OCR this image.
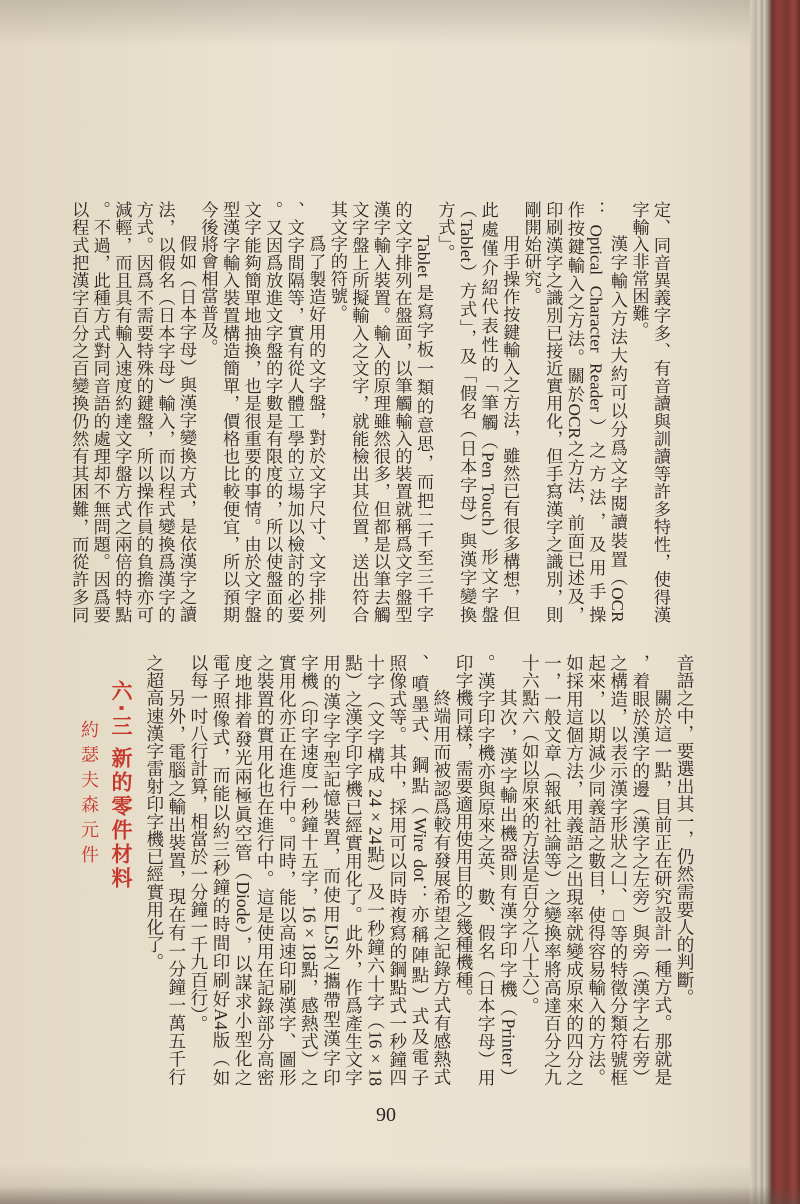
定、同音異義字多、有音讀與訓讀等許多特性，使得漢
字輸入非常困難。
漢字輸入方法大約可以分爲文字閱讀裝置（OCR
：Optical Character Reader）之方法，及用手操
作按鍵輸入之方法。關於OCR之方法，前面已述及，
印刷漢字之識別已接近實用化，但手寫漢字之識別，則
剛開始研究。
用手操作按鍵輸入之方法，雖然已有很多構想，但
此處僅介紹代表性的「筆觸（Pen Touch）形文字盤
（Tablet）方式」，及「假名（日本字母）與漢字變換
方式」。
Tablet 是寫字板一類的意思，而把二千至三千字
的文字排列在盤面，以筆觸輸入的裝置就稱爲文字盤型
漢字輸入裝置。輸入的原理雖然很多，但都是以筆去觸
文字盤上所擬輸入之文字，就能檢出其位置，送出符合
其文字的符號。
爲了製造好用的文字盤，對於文字尺寸、文字排列
、文字間隔等，實有從人體工學的立場加以檢討的必要
。又因爲放進文字盤的字數是有限度的，所以使盤面的
文字能夠簡單地抽換，也是很重要的事情。由於文字盤
型漢字輸入裝置構造簡單，價格也比較便宜，所以預期
今後將會相當普及。
假如（日本字母）與漢字變換方式，是依漢字之讀
法，以假名（日本字母）輸入，而以程式變換爲漢字的
方式。因爲不需要特殊的鍵盤，所以操作員的負擔亦可
減輕，而且具有輸入速度約達文字盤方式之兩倍的特點
。不過，此種方式對同音語的處理却不無問題。因爲要
以程式把漢字百分之百變換仍然有其困難，而從許多同
音語之中，要選出其一，仍然需要人的判斷。
關於這一點，目前正在研究設計一種方式。那就是
，着眼於漢字的邊（漢字之左旁）與旁（漢字之右旁）
之構造，以表示漢字形狀之凵、□等的特徵分類符號框
起來，以期減少同義語之數目，使得容易輸入的方法。
如採用這個方法，用義語之出現率就變成原來的四分之
一，一般文章（報紙社論等）之變換率將高達百分之九
十六點六（如以原來的方法是百分之八十六）。
其次，漢字輸出機器則有漢字印字機（Printer）
。漢字印字機亦與原來之英、數、假名（日本字母）用
印字機同樣，需要適用使用目的之幾種機種。
終端用而被認爲較有發展希望之記錄方式有感熱式
、噴墨式、鋼點（Wire dot：亦稱陣點）式及電子
照像式等。其中，採用可以同時複寫的鋼點式一秒鐘四
十字（文字構成 24×24點）及一秒鐘六十字（16×18
點）之漢字印字機已經實用化了。此外，作爲產生文字
用的漢字字型記憶裝置，而使用LSI之攜帶型漢字印
字機（印字速度一秒鐘十五字，16×18點，感熱式）之
實用化亦正在進行中。同時，能以高速印刷漢字、圖形
之裝置的實用化也在進行中。這是使用在記錄部分高密
度地排着發光兩極眞空管（Diode），以謀求小型化之
電子照像式，而能以約三秒鐘的時間印刷好A4版（如
以每一吋八行計算，相當於一分鐘一千九百行）。
另外，電腦之輸出裝置，現在有一分鐘一萬五千行
之超高速漢字雷射印字機已經實用化了。
六·三新的零件材料
約瑟夫森元件
90
